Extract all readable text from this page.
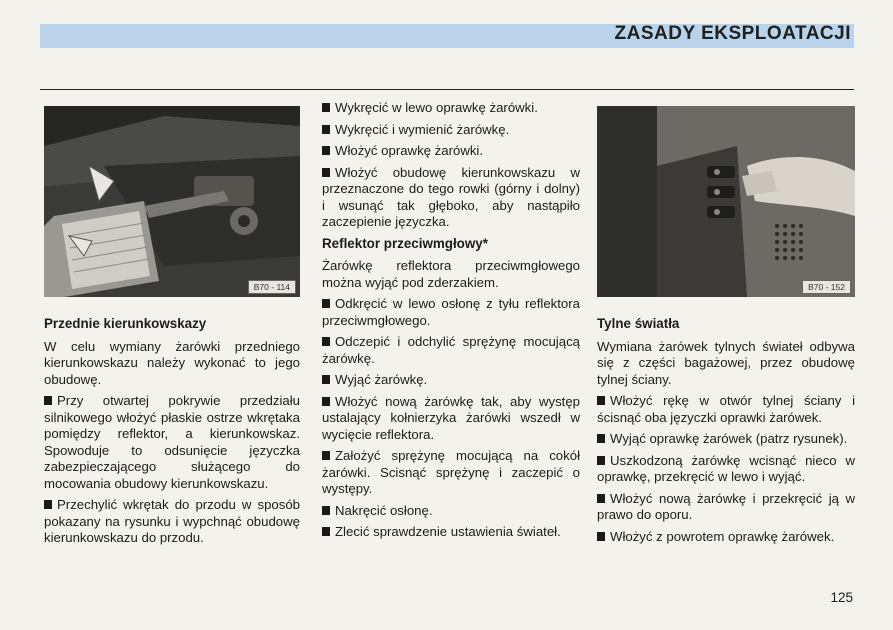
ZASADY EKSPLOATACJI
B70 - 114	B70 - 152
Przednie kierunkowskazy

W celu wymiany żarówki przedniego kierunkowskazu należy wykonać to jego obudowę.

Przy otwartej pokrywie przedziału silnikowego włożyć płaskie ostrze wkrętaka pomiędzy reflektor, a kierunkowskaz. Spowoduje to odsunięcie języczka zabezpieczającego służącego do mocowania obudowy kierunkowskazu.

Przechylić wkrętak do przodu w sposób pokazany na rysunku i wypchnąć obudowę kierunkowskazu do przodu.

Wykręcić w lewo oprawkę żarówki.

Wykręcić i wymienić żarówkę.

Włożyć oprawkę żarówki.

Włożyć obudowę kierunkowskazu w przeznaczone do tego rowki (górny i dolny) i wsunąć tak głęboko, aby nastąpiło zaczepienie języczka.

Reflektor przeciwmgłowy*

Żarówkę reflektora przeciwmgłowego można wyjąć pod zderzakiem.

Odkręcić w lewo osłonę z tyłu reflektora przeciwmgłowego.

Odczepić i odchylić sprężynę mocującą żarówkę.

Wyjąć żarówkę.

Włożyć nową żarówkę tak, aby występ ustalający kołnierzyka żarówki wszedł w wycięcie reflektora.

Założyć sprężynę mocującą na cokół żarówki. Scisnąć sprężynę i zaczepić o występy.

Nakręcić osłonę.

Zlecić sprawdzenie ustawienia świateł.

Tylne światła

Wymiana żarówek tylnych świateł odbywa się z części bagażowej, przez obudowę tylnej ściany.

Włożyć rękę w otwór tylnej ściany i ścisnąć oba języczki oprawki żarówek.

Wyjąć oprawkę żarówek (patrz rysunek).

Uszkodzoną żarówkę wcisnąć nieco w oprawkę, przekręcić w lewo i wyjąć.

Włożyć nową żarówkę i przekręcić ją w prawo do oporu.

Włożyć z powrotem oprawkę żarówek.

125
